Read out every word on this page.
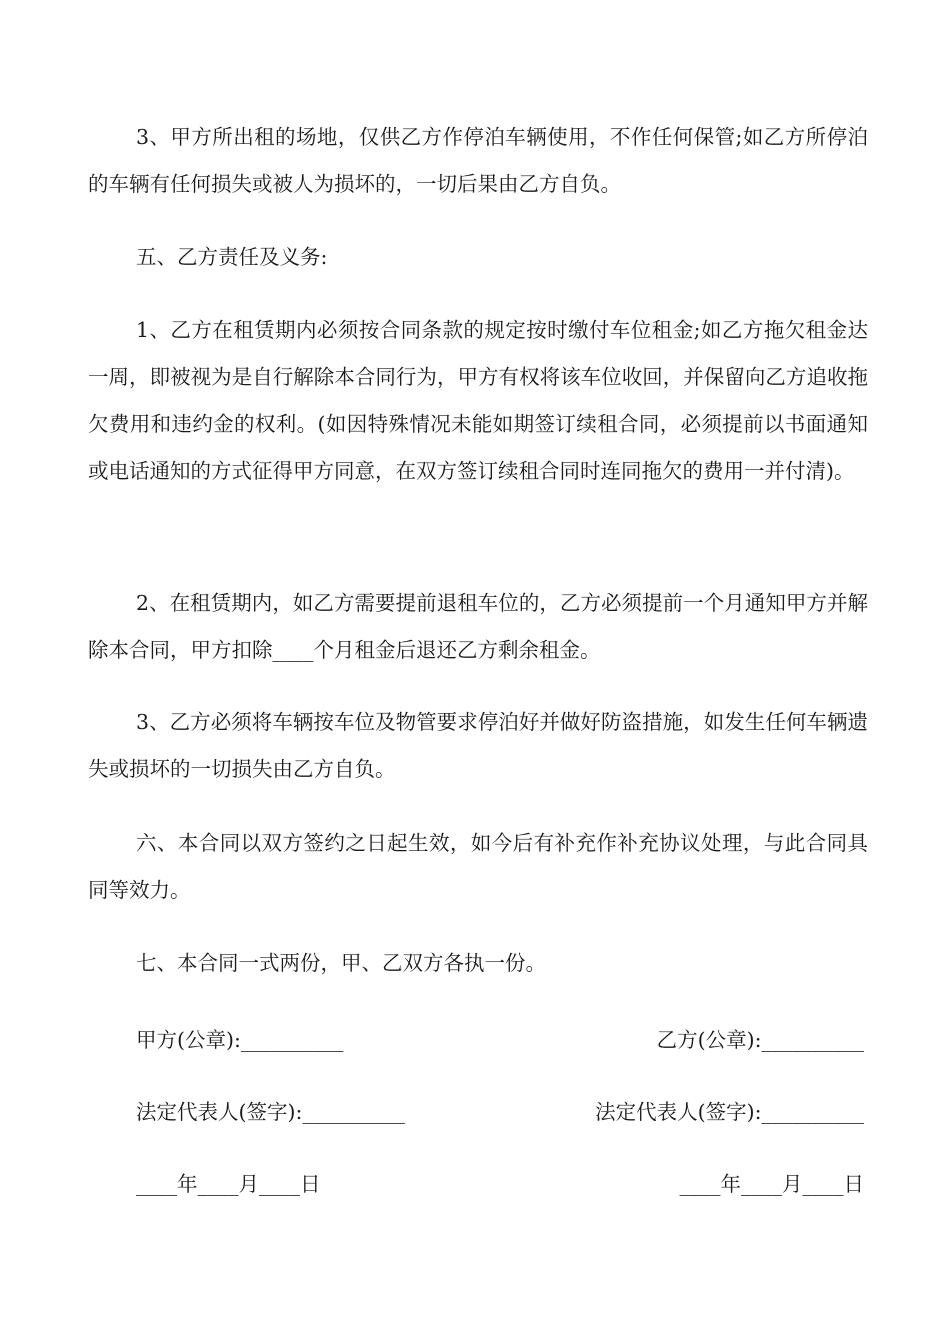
3、甲方所出租的场地，仅供乙方作停泊车辆使用，不作任何保管;如乙方所停泊的车辆有任何损失或被人为损坏的，一切后果由乙方自负。

五、乙方责任及义务:

1、乙方在租赁期内必须按合同条款的规定按时缴付车位租金;如乙方拖欠租金达一周，即被视为是自行解除本合同行为，甲方有权将该车位收回，并保留向乙方追收拖欠费用和违约金的权利。(如因特殊情况未能如期签订续租合同，必须提前以书面通知或电话通知的方式征得甲方同意，在双方签订续租合同时连同拖欠的费用一并付清)。

2、在租赁期内，如乙方需要提前退租车位的，乙方必须提前一个月通知甲方并解除本合同，甲方扣除____个月租金后退还乙方剩余租金。

3、乙方必须将车辆按车位及物管要求停泊好并做好防盗措施，如发生任何车辆遗失或损坏的一切损失由乙方自负。

六、本合同以双方签约之日起生效，如今后有补充作补充协议处理，与此合同具同等效力。

七、本合同一式两份，甲、乙双方各执一份。

甲方(公章):__________	乙方(公章):__________
法定代表人(签字):__________	法定代表人(签字):__________
____年____月____日	____年____月____日
